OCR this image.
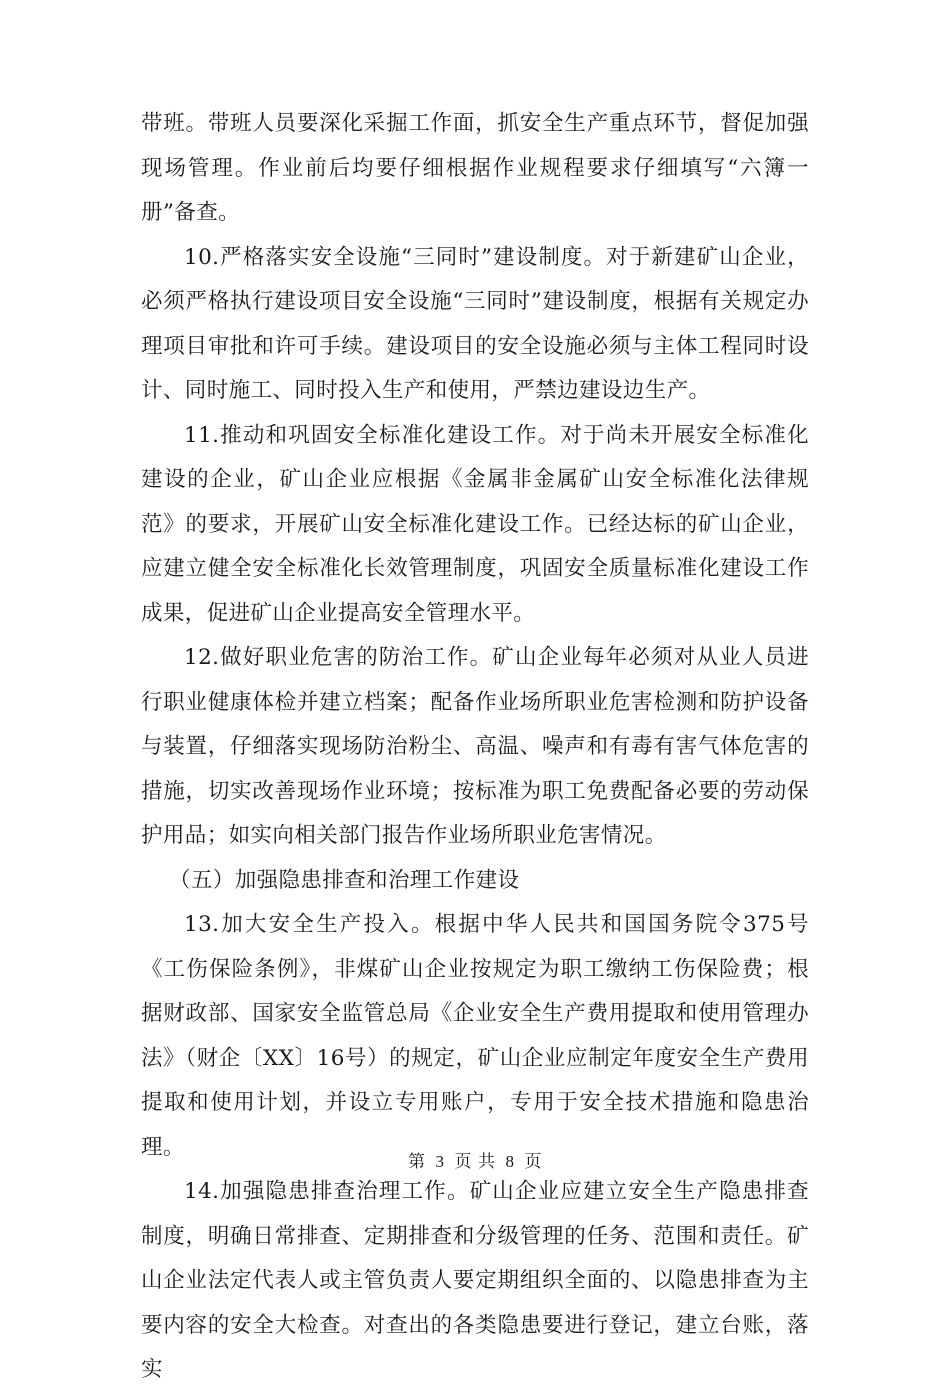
带班。带班人员要深化采掘工作面，抓安全生产重点环节，督促加强现场管理。作业前后均要仔细根据作业规程要求仔细填写“六簿一册”备查。

10.严格落实安全设施“三同时”建设制度。对于新建矿山企业，必须严格执行建设项目安全设施“三同时”建设制度，根据有关规定办理项目审批和许可手续。建设项目的安全设施必须与主体工程同时设计、同时施工、同时投入生产和使用，严禁边建设边生产。

11.推动和巩固安全标准化建设工作。对于尚未开展安全标准化建设的企业，矿山企业应根据《金属非金属矿山安全标准化法律规范》的要求，开展矿山安全标准化建设工作。已经达标的矿山企业，应建立健全安全标准化长效管理制度，巩固安全质量标准化建设工作成果，促进矿山企业提高安全管理水平。

12.做好职业危害的防治工作。矿山企业每年必须对从业人员进行职业健康体检并建立档案；配备作业场所职业危害检测和防护设备与装置，仔细落实现场防治粉尘、高温、噪声和有毒有害气体危害的措施，切实改善现场作业环境；按标准为职工免费配备必要的劳动保护用品；如实向相关部门报告作业场所职业危害情况。

（五）加强隐患排查和治理工作建设

13.加大安全生产投入。根据中华人民共和国国务院令375号《工伤保险条例》，非煤矿山企业按规定为职工缴纳工伤保险费；根据财政部、国家安全监管总局《企业安全生产费用提取和使用管理办法》（财企〔XX〕16号）的规定，矿山企业应制定年度安全生产费用提取和使用计划，并设立专用账户，专用于安全技术措施和隐患治理。

14.加强隐患排查治理工作。矿山企业应建立安全生产隐患排查制度，明确日常排查、定期排查和分级管理的任务、范围和责任。矿山企业法定代表人或主管负责人要定期组织全面的、以隐患排查为主要内容的安全大检查。对查出的各类隐患要进行登记，建立台账，落实

第 3 页 共 8 页
